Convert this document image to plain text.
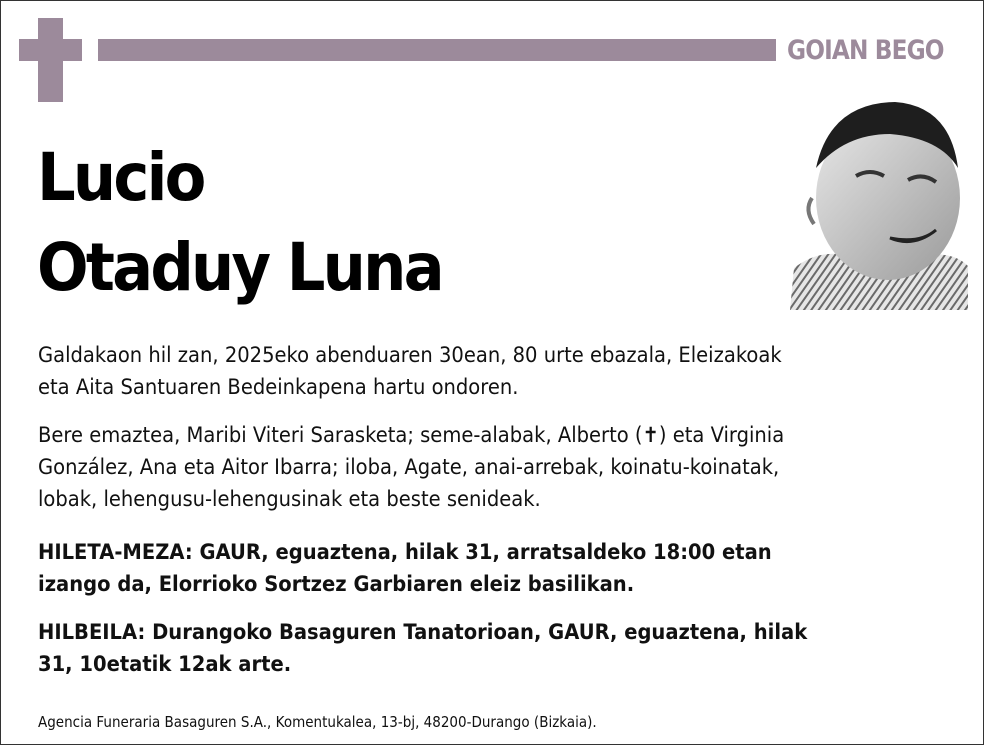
GOIAN BEGO
Lucio
Otaduy Luna
Galdakaon hil zan, 2025eko abenduaren 30ean, 80 urte ebazala, Eleizakoak
eta Aita Santuaren Bedeinkapena hartu ondoren.
Bere emaztea, Maribi Viteri Sarasketa; seme-alabak, Alberto (✝) eta Virginia
González, Ana eta Aitor Ibarra; iloba, Agate, anai-arrebak, koinatu-koinatak,
lobak, lehengusu-lehengusinak eta beste senideak.
HILETA-MEZA: GAUR, eguaztena, hilak 31, arratsaldeko 18:00 etan
izango da, Elorrioko Sortzez Garbiaren eleiz basilikan.
HILBEILA: Durangoko Basaguren Tanatorioan, GAUR, eguaztena, hilak
31, 10etatik 12ak arte.
Agencia Funeraria Basaguren S.A., Komentukalea, 13-bj, 48200-Durango (Bizkaia).
